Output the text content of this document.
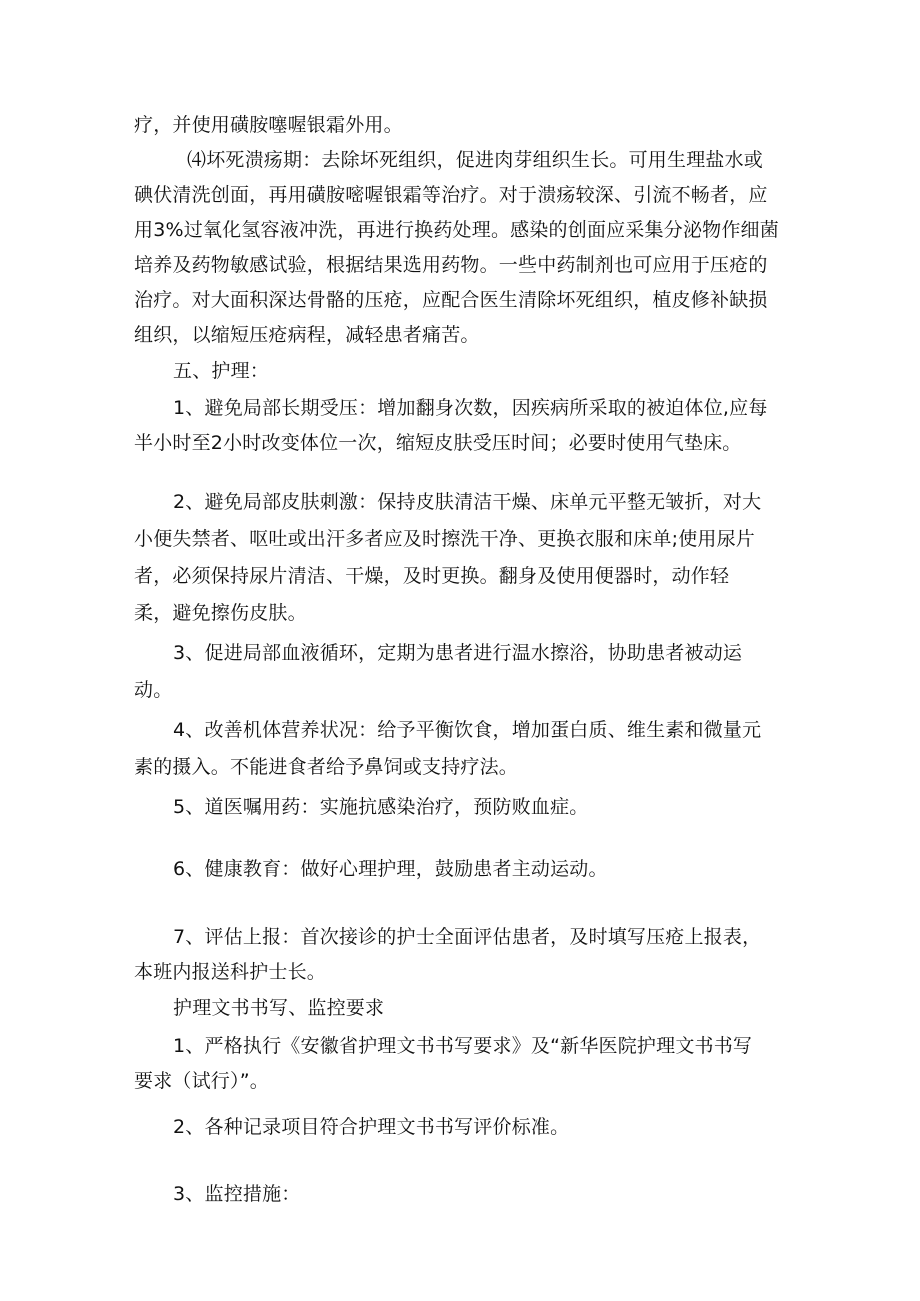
疗，并使用磺胺噻喔银霜外用。
⑷坏死溃疡期：去除坏死组织，促进肉芽组织生长。可用生理盐水或
碘伏清洗创面，再用磺胺嘧喔银霜等治疗。对于溃疡较深、引流不畅者，应
用3%过氧化氢容液冲洗，再进行换药处理。感染的创面应采集分泌物作细菌
培养及药物敏感试验，根据结果选用药物。一些中药制剂也可应用于压疮的
治疗。对大面积深达骨骼的压疮，应配合医生清除坏死组织，植皮修补缺损
组织，以缩短压疮病程，减轻患者痛苦。
五、护理：
1、避免局部长期受压：增加翻身次数，因疾病所采取的被迫体位,应每
半小时至2小时改变体位一次，缩短皮肤受压时间；必要时使用气垫床。
2、避免局部皮肤刺激：保持皮肤清洁干燥、床单元平整无皱折，对大
小便失禁者、呕吐或出汗多者应及时擦洗干净、更换衣服和床单;使用尿片
者，必须保持尿片清洁、干燥，及时更换。翻身及使用便器时，动作轻
柔，避免擦伤皮肤。
3、促进局部血液循环，定期为患者进行温水擦浴，协助患者被动运
动。
4、改善机体营养状况：给予平衡饮食，增加蛋白质、维生素和微量元
素的摄入。不能进食者给予鼻饲或支持疗法。
5、道医嘱用药：实施抗感染治疗，预防败血症。
6、健康教育：做好心理护理，鼓励患者主动运动。
7、评估上报：首次接诊的护士全面评估患者，及时填写压疮上报表，
本班内报送科护士长。
护理文书书写、监控要求
1、严格执行《安徽省护理文书书写要求》及“新华医院护理文书书写
要求（试行）”。
2、各种记录项目符合护理文书书写评价标准。
3、监控措施：
